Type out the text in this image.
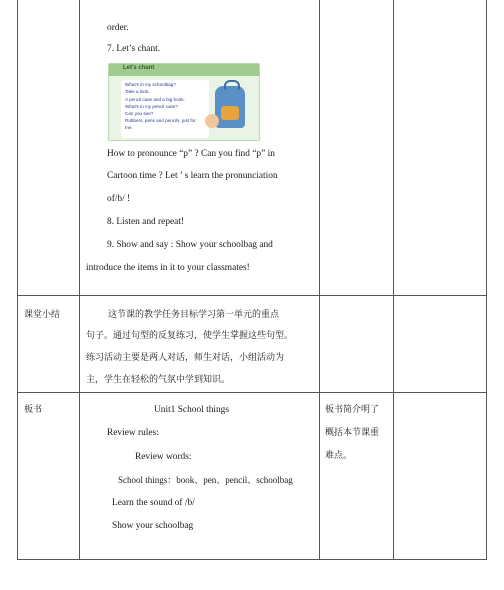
order.
7. Let’s chant.
Let's chant
What's in my schoolbag?
Take a look.
A pencil case and a big book.
What's in my pencil case?
Can you see?
Rubbers, pens and pencils, just for
me.
How to pronounce “p” ? Can you find “p” in
Cartoon time ? Let ’ s learn the pronunciation
of/b/ !
8. Listen and repeat!
9. Show and say : Show your schoolbag and
introduce the items in it to your classmates!
课堂小结	这节课的教学任务目标学习第一单元的重点
句子。通过句型的反复练习，使学生掌握这些句型。
练习活动主要是两人对话，师生对话，小组活动为
主，学生在轻松的气氛中学到知识。
板书	Unit1 School things
Review rules:
Review words:
School things：book、pen、pencil、schoolbag
Learn the sound of /b/
Show your schoolbag
板书简介明了
概括本节课重
难点。
